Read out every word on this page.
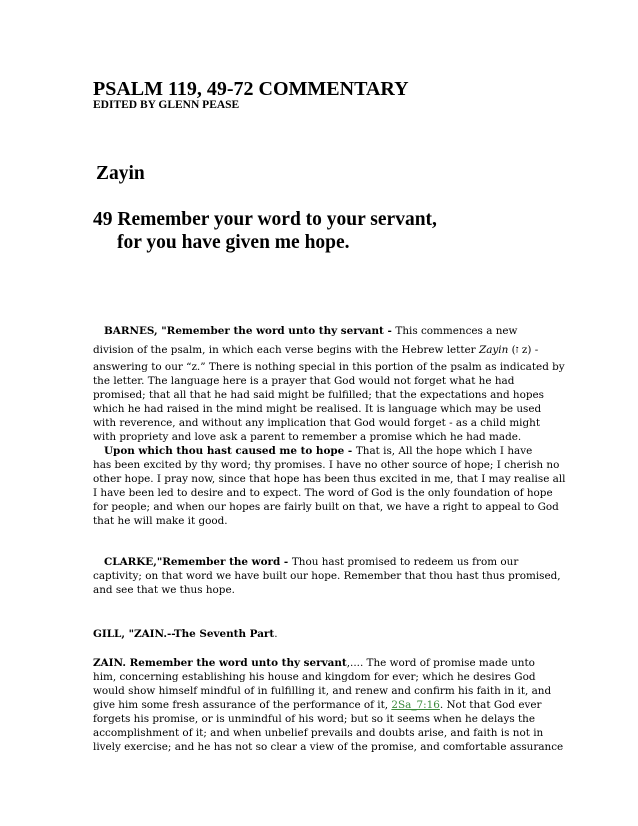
PSALM 119, 49-72 COMMENTARY
EDITED BY GLENN PEASE
Zayin
49 Remember your word to your servant,
for you have given me hope.
BARNES, "Remember the word unto thy servant - This commences a new
division of the psalm, in which each verse begins with the Hebrew letter Zayin (ז z) -
answering to our “z.” There is nothing special in this portion of the psalm as indicated by
the letter. The language here is a prayer that God would not forget what he had
promised; that all that he had said might be fulfilled; that the expectations and hopes
which he had raised in the mind might be realised. It is language which may be used
with reverence, and without any implication that God would forget - as a child might
with propriety and love ask a parent to remember a promise which he had made.
Upon which thou hast caused me to hope - That is, All the hope which I have
has been excited by thy word; thy promises. I have no other source of hope; I cherish no
other hope. I pray now, since that hope has been thus excited in me, that I may realise all
I have been led to desire and to expect. The word of God is the only foundation of hope
for people; and when our hopes are fairly built on that, we have a right to appeal to God
that he will make it good.
CLARKE,"Remember the word - Thou hast promised to redeem us from our
captivity; on that word we have built our hope. Remember that thou hast thus promised,
and see that we thus hope.
GILL, "ZAIN.--The Seventh Part.
ZAIN. Remember the word unto thy servant,.... The word of promise made unto
him, concerning establishing his house and kingdom for ever; which he desires God
would show himself mindful of in fulfilling it, and renew and confirm his faith in it, and
give him some fresh assurance of the performance of it, 2Sa_7:16. Not that God ever
forgets his promise, or is unmindful of his word; but so it seems when he delays the
accomplishment of it; and when unbelief prevails and doubts arise, and faith is not in
lively exercise; and he has not so clear a view of the promise, and comfortable assurance
